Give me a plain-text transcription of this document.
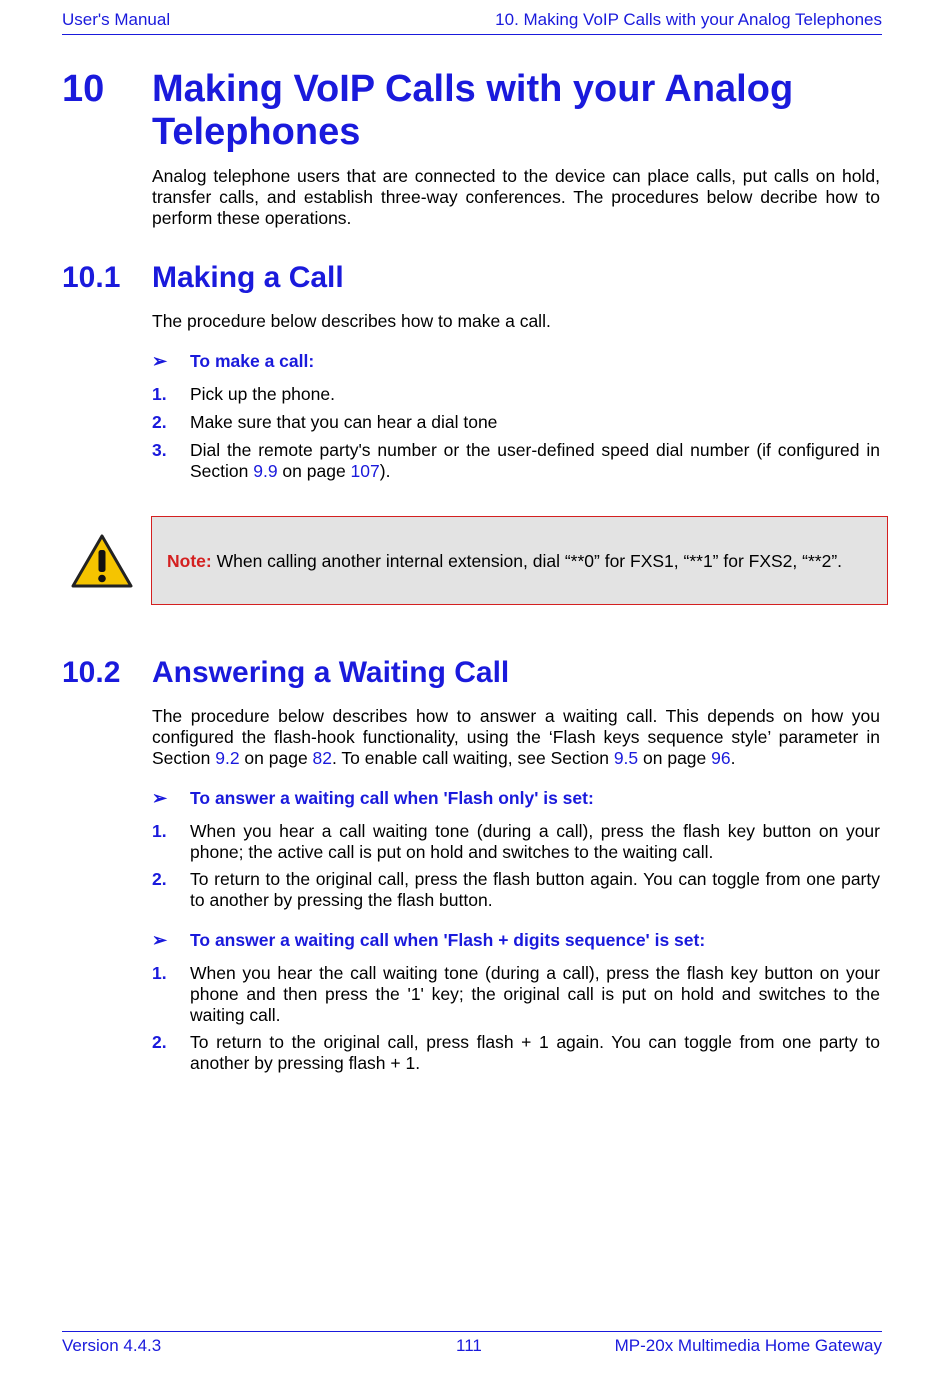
User's Manual	10. Making VoIP Calls with your Analog Telephones
10 Making VoIP Calls with your Analog Telephones
Analog telephone users that are connected to the device can place calls, put calls on hold, transfer calls, and establish three-way conferences. The procedures below decribe how to perform these operations.
10.1 Making a Call
The procedure below describes how to make a call.
➢ To make a call:
1. Pick up the phone.
2. Make sure that you can hear a dial tone
3. Dial the remote party's number or the user-defined speed dial number (if configured in Section 9.9 on page 107).
Note: When calling another internal extension, dial “**0” for FXS1, “**1” for FXS2, “**2”.
10.2 Answering a Waiting Call
The procedure below describes how to answer a waiting call. This depends on how you configured the flash-hook functionality, using the ‘Flash keys sequence style’ parameter in Section 9.2 on page 82. To enable call waiting, see Section 9.5 on page 96.
➢ To answer a waiting call when 'Flash only' is set:
1. When you hear a call waiting tone (during a call), press the flash key button on your phone; the active call is put on hold and switches to the waiting call.
2. To return to the original call, press the flash button again. You can toggle from one party to another by pressing the flash button.
➢ To answer a waiting call when 'Flash + digits sequence' is set:
1. When you hear the call waiting tone (during a call), press the flash key button on your phone and then press the '1' key; the original call is put on hold and switches to the waiting call.
2. To return to the original call, press flash + 1 again. You can toggle from one party to another by pressing flash + 1.
Version 4.4.3	111	MP-20x Multimedia Home Gateway
